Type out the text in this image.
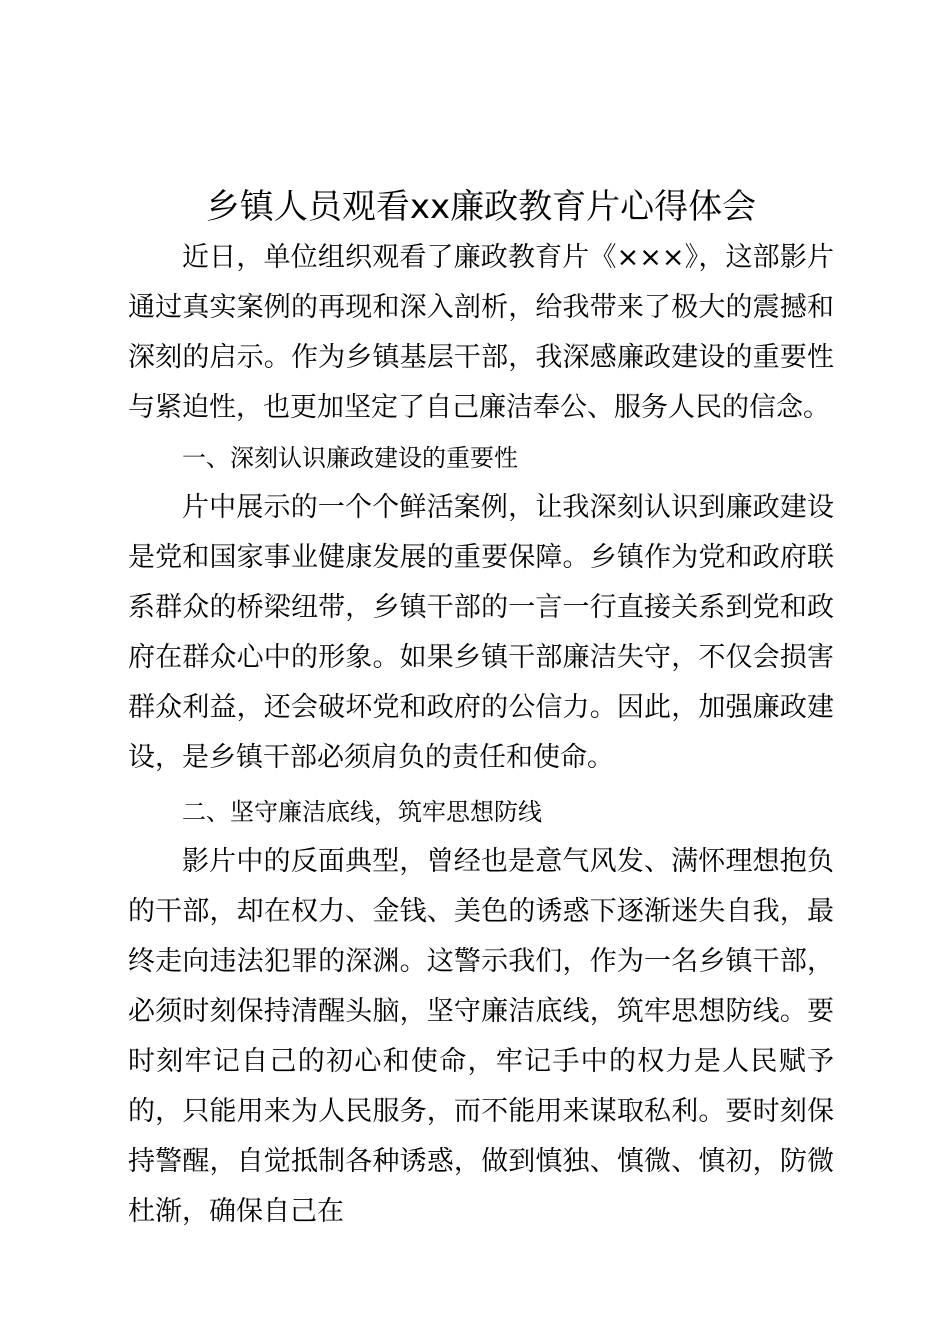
乡镇人员观看xx廉政教育片心得体会

近日，单位组织观看了廉政教育片《×××》，这部影片通过真实案例的再现和深入剖析，给我带来了极大的震撼和深刻的启示。作为乡镇基层干部，我深感廉政建设的重要性与紧迫性，也更加坚定了自己廉洁奉公、服务人民的信念。

一、深刻认识廉政建设的重要性

片中展示的一个个鲜活案例，让我深刻认识到廉政建设是党和国家事业健康发展的重要保障。乡镇作为党和政府联系群众的桥梁纽带，乡镇干部的一言一行直接关系到党和政府在群众心中的形象。如果乡镇干部廉洁失守，不仅会损害群众利益，还会破坏党和政府的公信力。因此，加强廉政建设，是乡镇干部必须肩负的责任和使命。

二、坚守廉洁底线，筑牢思想防线

影片中的反面典型，曾经也是意气风发、满怀理想抱负的干部，却在权力、金钱、美色的诱惑下逐渐迷失自我，最终走向违法犯罪的深渊。这警示我们，作为一名乡镇干部，必须时刻保持清醒头脑，坚守廉洁底线，筑牢思想防线。要时刻牢记自己的初心和使命，牢记手中的权力是人民赋予的，只能用来为人民服务，而不能用来谋取私利。要时刻保持警醒，自觉抵制各种诱惑，做到慎独、慎微、慎初，防微杜渐，确保自己在
